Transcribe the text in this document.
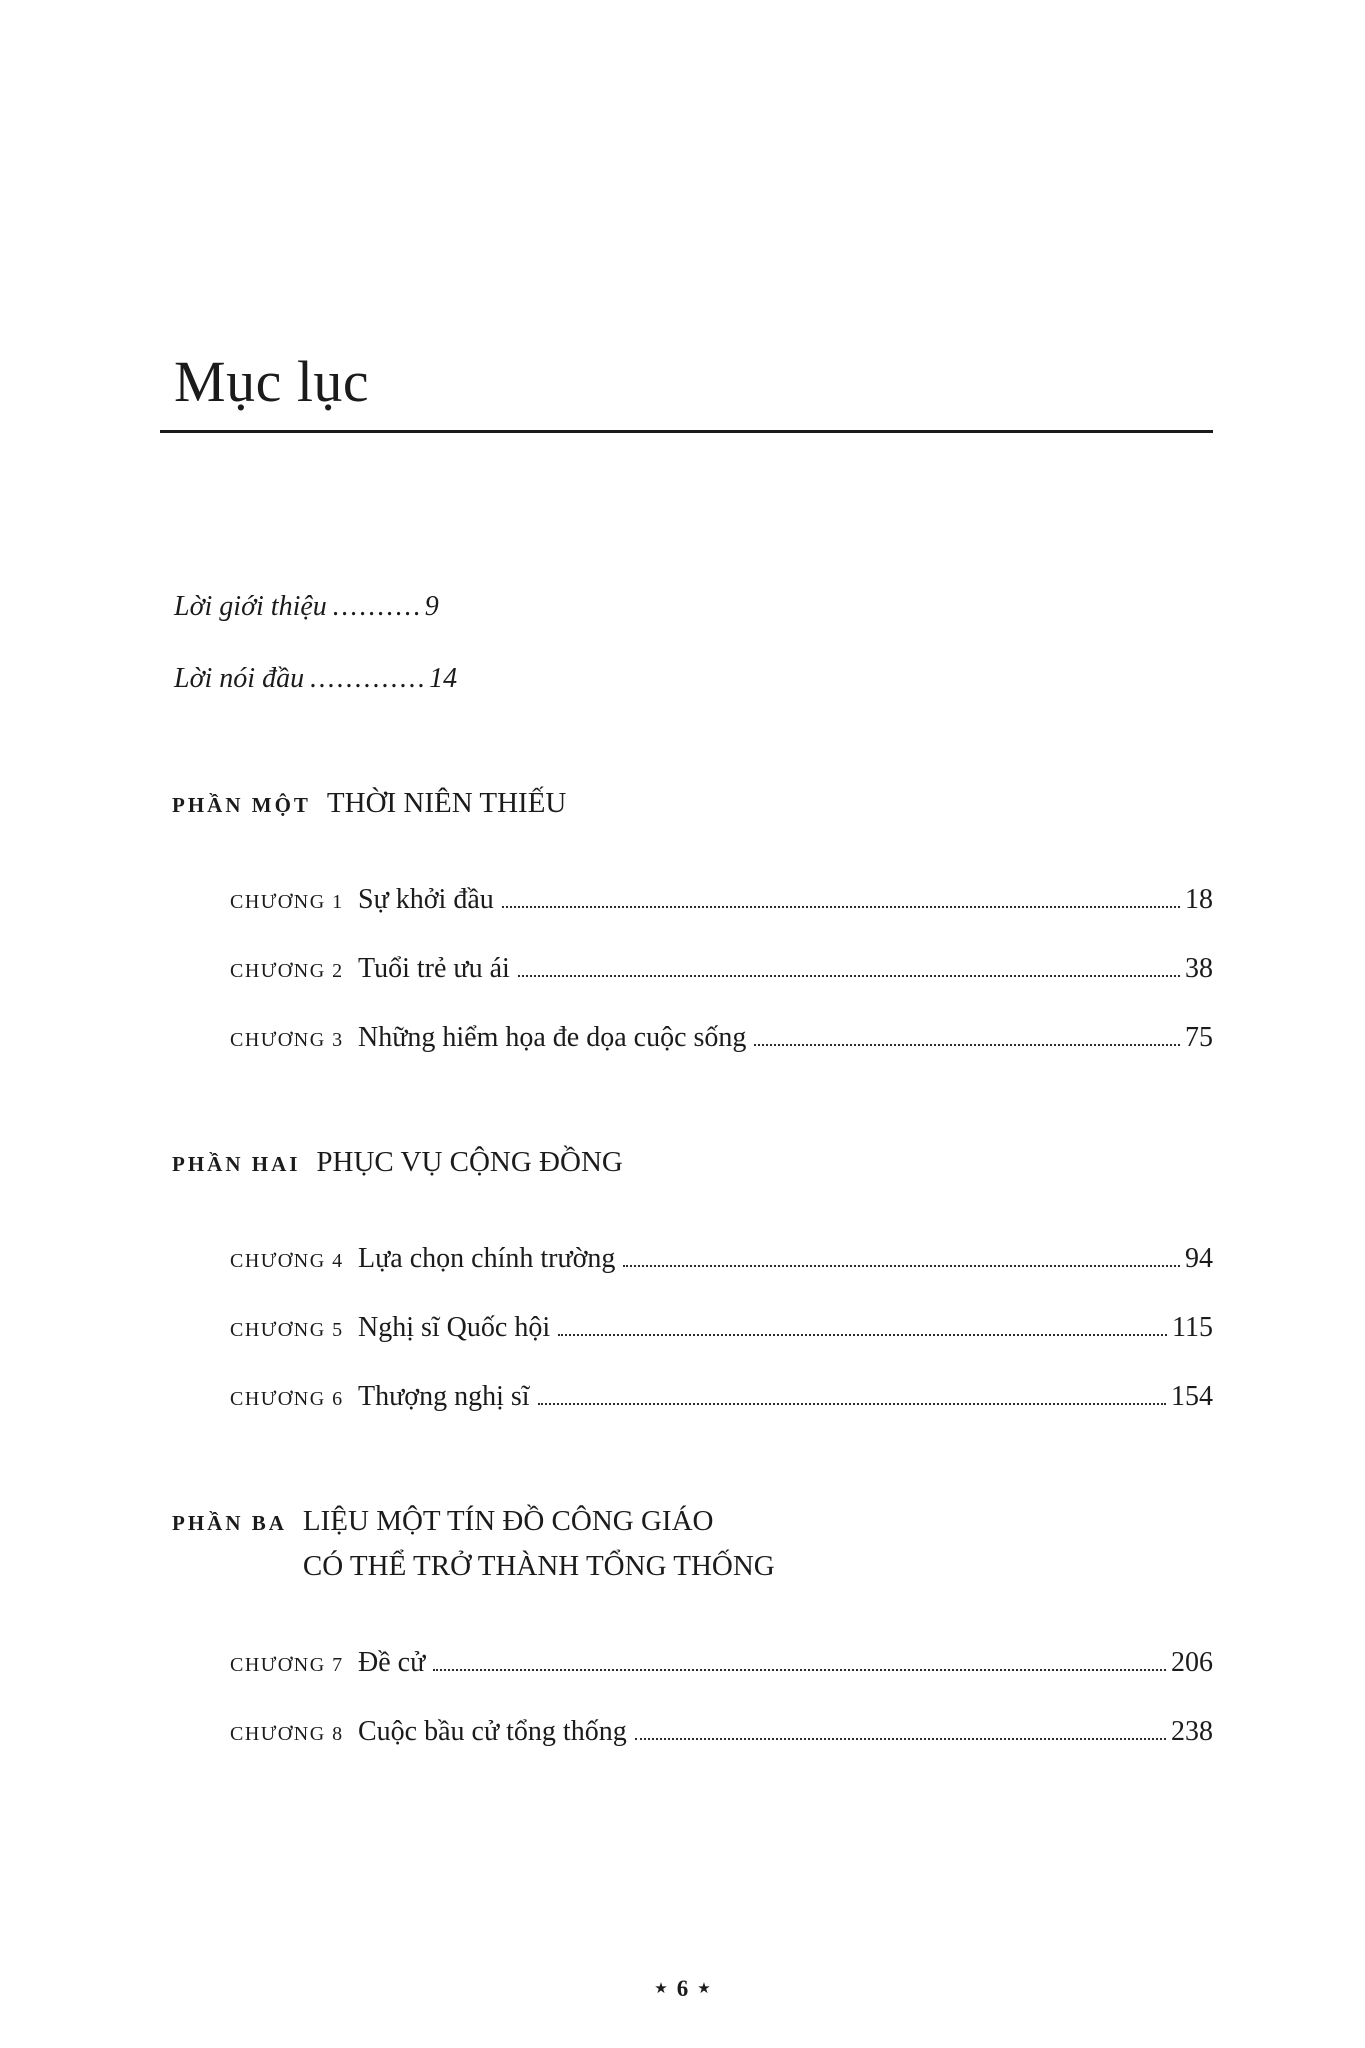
Mục lục
Lời giới thiệu .......... 9
Lời nói đầu ............. 14
PHẦN MỘT THỜI NIÊN THIẾU
CHƯƠNG 1 Sự khởi đầu	18
CHƯƠNG 2 Tuổi trẻ ưu ái	38
CHƯƠNG 3 Những hiểm họa đe dọa cuộc sống	75
PHẦN HAI PHỤC VỤ CỘNG ĐỒNG
CHƯƠNG 4 Lựa chọn chính trường	94
CHƯƠNG 5 Nghị sĩ Quốc hội	115
CHƯƠNG 6 Thượng nghị sĩ	154
PHẦN BA LIỆU MỘT TÍN ĐỒ CÔNG GIÁO
CÓ THỂ TRỞ THÀNH TỔNG THỐNG
CHƯƠNG 7 Đề cử	206
CHƯƠNG 8 Cuộc bầu cử tổng thống	238
★ 6 ★
